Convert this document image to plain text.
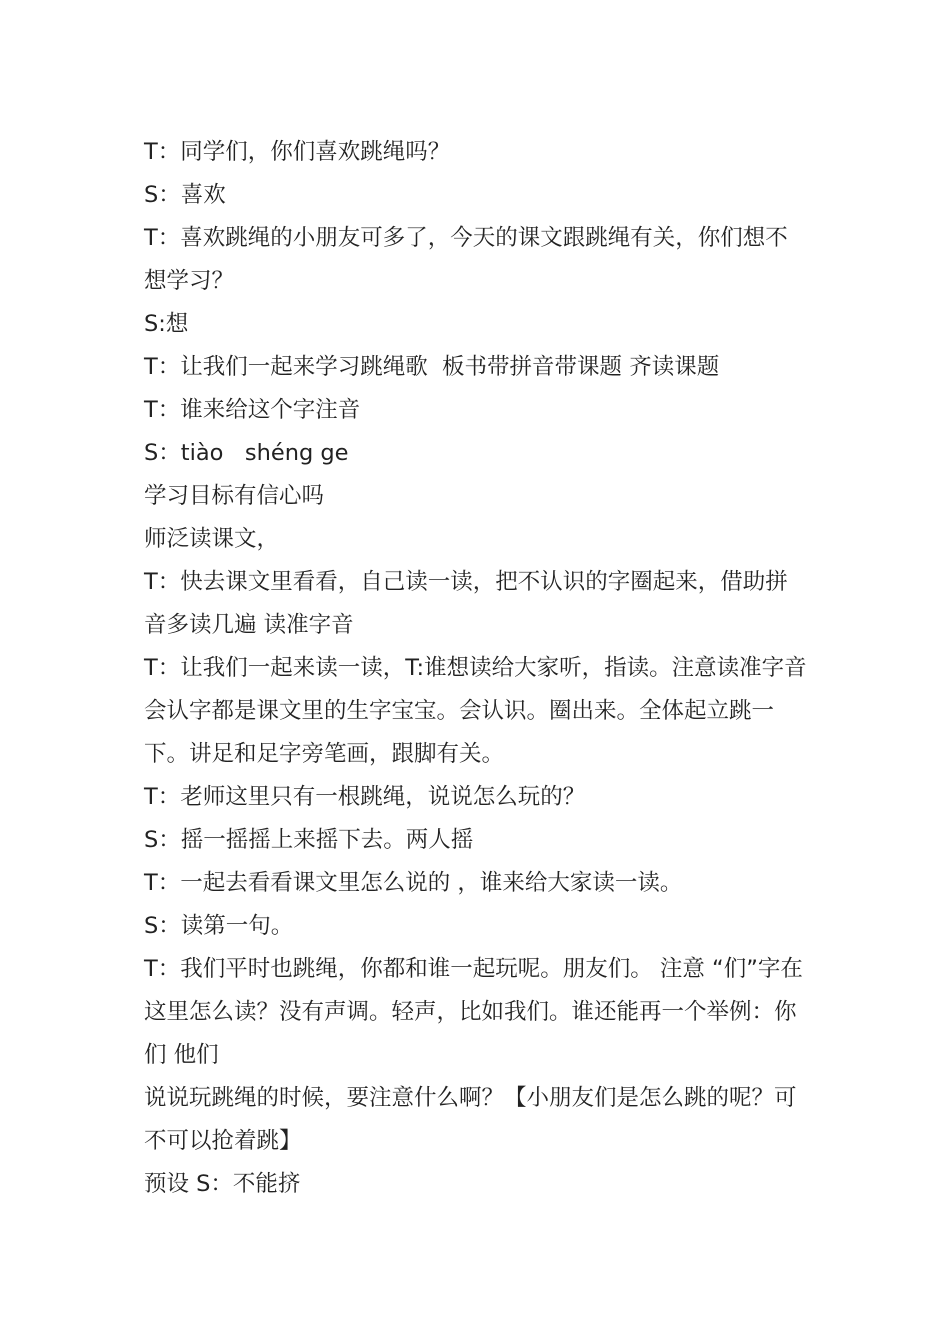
T：同学们，你们喜欢跳绳吗？

S：喜欢

T：喜欢跳绳的小朋友可多了，今天的课文跟跳绳有关，你们想不想学习？

S:想

T：让我们一起来学习跳绳歌  板书带拼音带课题 齐读课题

T：谁来给这个字注音

S：tiào   shéng ge

学习目标有信心吗

师泛读课文，

T：快去课文里看看，自己读一读，把不认识的字圈起来，借助拼音多读几遍 读准字音

T：让我们一起来读一读，T:谁想读给大家听，指读。注意读准字音会认字都是课文里的生字宝宝。会认识。圈出来。全体起立跳一下。讲足和足字旁笔画，跟脚有关。

T：老师这里只有一根跳绳，说说怎么玩的？

S：摇一摇摇上来摇下去。两人摇

T：一起去看看课文里怎么说的 ，谁来给大家读一读。

S：读第一句。

T：我们平时也跳绳，你都和谁一起玩呢。朋友们。 注意 “们”字在这里怎么读？没有声调。轻声，比如我们。谁还能再一个举例：你们 他们

说说玩跳绳的时候，要注意什么啊？【小朋友们是怎么跳的呢？可不可以抢着跳】

预设 S：不能挤
